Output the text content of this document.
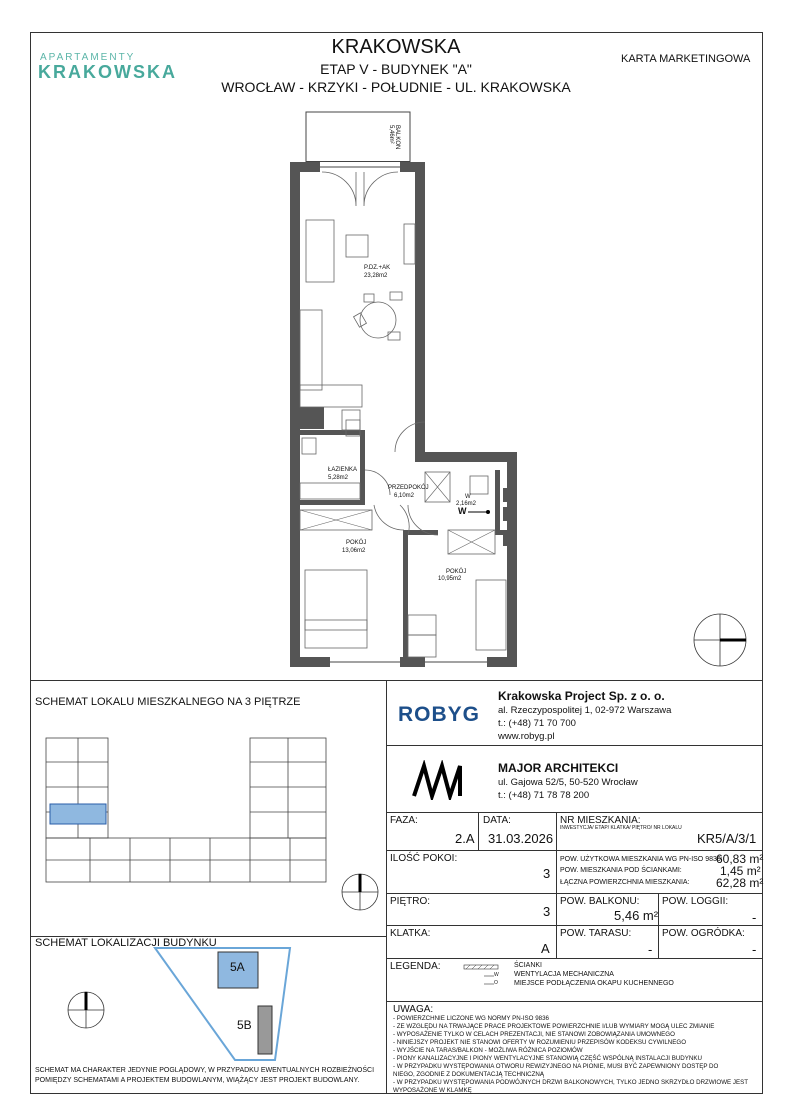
APARTAMENTY
KRAKOWSKA
KRAKOWSKA
ETAP V - BUDYNEK "A"
WROCŁAW - KRZYKI - POŁUDNIE - UL. KRAKOWSKA
KARTA MARKETINGOWA
BALKON
5,46m²
P.DZ.+AK
23,28m2
ŁAZIENKA
5,28m2
PRZEDPOKÓJ
6,10m2	W
2,16m2
POKÓJ
13,06m2
POKÓJ
10,95m2
W
SCHEMAT LOKALU MIESZKALNEGO NA 3 PIĘTRZE
SCHEMAT LOKALIZACJI BUDYNKU
5A
5B
SCHEMAT MA CHARAKTER JEDYNIE POGLĄDOWY, W PRZYPADKU EWENTUALNYCH ROZBIEŻNOŚCI
POMIĘDZY SCHEMATAMI A PROJEKTEM BUDOWLANYM, WIĄŻĄCY JEST PROJEKT BUDOWLANY.
ROBYG
Krakowska Project Sp. z o. o.
al. Rzeczypospolitej 1, 02-972 Warszawa
t.: (+48) 71 70 700
www.robyg.pl
MAJOR ARCHITEKCI
ul. Gajowa 52/5, 50-520 Wrocław
t.: (+48) 71 78 78 200
FAZA:
2.A
DATA:
31.03.2026
NR MIESZKANIA:
INWESTYCJA/ ETAP/ KLATKA/ PIĘTRO/ NR LOKALU
KR5/A/3/1
ILOŚĆ POKOI:
3
POW. UŻYTKOWA MIESZKANIA WG PN-ISO 9836:
60,83 m²
POW. MIESZKANIA POD ŚCIANKAMI:	1,45 m²
ŁĄCZNA POWIERZCHNIA MIESZKANIA: 62,28 m²
PIĘTRO:
3
POW. BALKONU:
5,46 m²
POW. LOGGII:
-
KLATKA:
A
POW. TARASU:
-
POW. OGRÓDKA:
-
LEGENDA:
W
O
ŚCIANKI
WENTYLACJA MECHANICZNA
MIEJSCE PODŁĄCZENIA OKAPU KUCHENNEGO
UWAGA:
- POWIERZCHNIE LICZONE WG NORMY PN-ISO 9836
- ZE WZGLĘDU NA TRWAJĄCE PRACE PROJEKTOWE POWIERZCHNIE I/LUB WYMIARY MOGĄ ULEC ZMIANIE
- WYPOSAŻENIE TYLKO W CELACH PREZENTACJI, NIE STANOWI ZOBOWIĄZANIA UMOWNEGO
- NINIEJSZY PROJEKT NIE STANOWI OFERTY W ROZUMIENIU PRZEPISÓW KODEKSU CYWILNEGO
- WYJŚCIE NA TARAS/BALKON - MOŻLIWA RÓŻNICA POZIOMÓW
- PIONY KANALIZACYJNE I PIONY WENTYLACYJNE STANOWIĄ CZĘŚĆ WSPÓLNĄ INSTALACJI BUDYNKU
- W PRZYPADKU WYSTĘPOWANIA OTWORU REWIZYJNEGO NA PIONIE, MUSI BYĆ ZAPEWNIONY DOSTĘP DO
NIEGO, ZGODNIE Z DOKUMENTACJĄ TECHNICZNĄ
- W PRZYPADKU WYSTĘPOWANIA PODWÓJNYCH DRZWI BALKONOWYCH, TYLKO JEDNO SKRZYDŁO DRZWIOWE JEST
WYPOSAŻONE W KLAMKĘ
